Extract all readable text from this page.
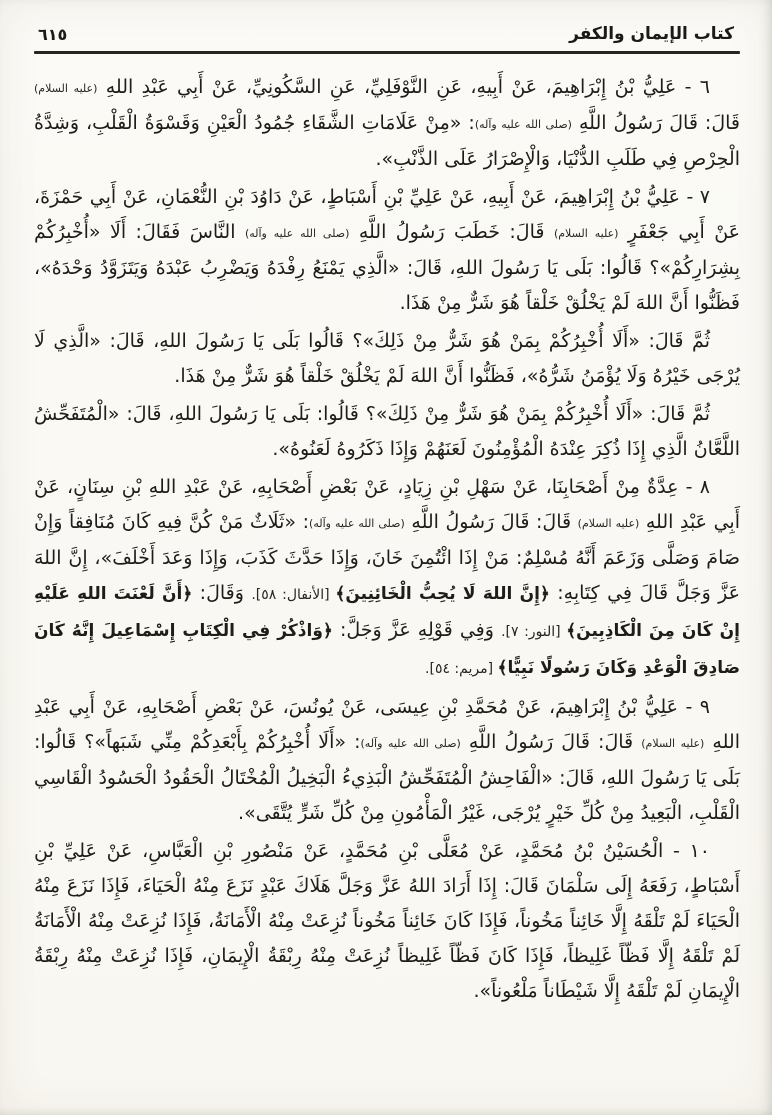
كتاب الإيمان والكفر
٦١٥

٦ - عَلِيُّ بْنُ إِبْرَاهِيمَ، عَنْ أَبِيهِ، عَنِ النَّوْفَلِيِّ، عَنِ السَّكُونِيِّ، عَنْ أَبِي عَبْدِ اللهِ (عليه السلام) قَالَ: قَالَ رَسُولُ اللَّهِ (صلى الله عليه وآله): «مِنْ عَلَامَاتِ الشَّقَاءِ جُمُودُ الْعَيْنِ وَقَسْوَةُ الْقَلْبِ، وَشِدَّةُ الْحِرْصِ فِي طَلَبِ الدُّنْيَا، وَالْإِصْرَارُ عَلَى الذَّنْبِ».

٧ - عَلِيُّ بْنُ إِبْرَاهِيمَ، عَنْ أَبِيهِ، عَنْ عَلِيِّ بْنِ أَسْبَاطٍ، عَنْ دَاوُدَ بْنِ النُّعْمَانِ، عَنْ أَبِي حَمْزَةَ، عَنْ أَبِي جَعْفَرٍ (عليه السلام) قَالَ: خَطَبَ رَسُولُ اللَّهِ (صلى الله عليه وآله) النَّاسَ فَقَالَ: أَلَا «أُخْبِرُكُمْ بِشِرَارِكُمْ»؟ قَالُوا: بَلَى يَا رَسُولَ اللهِ، قَالَ: «الَّذِي يَمْنَعُ رِفْدَهُ وَيَضْرِبُ عَبْدَهُ وَيَتَزَوَّدُ وَحْدَهُ»، فَظَنُّوا أَنَّ اللهَ لَمْ يَخْلُقْ خَلْقاً هُوَ شَرٌّ مِنْ هَذَا.

ثُمَّ قَالَ: «أَلَا أُخْبِرُكُمْ بِمَنْ هُوَ شَرٌّ مِنْ ذَلِكَ»؟ قَالُوا بَلَى يَا رَسُولَ اللهِ، قَالَ: «الَّذِي لَا يُرْجَى خَيْرُهُ وَلَا يُؤْمَنُ شَرُّهُ»، فَظَنُّوا أَنَّ اللهَ لَمْ يَخْلُقْ خَلْقاً هُوَ شَرٌّ مِنْ هَذَا.

ثُمَّ قَالَ: «أَلَا أُخْبِرُكُمْ بِمَنْ هُوَ شَرٌّ مِنْ ذَلِكَ»؟ قَالُوا: بَلَى يَا رَسُولَ اللهِ، قَالَ: «الْمُتَفَحِّشُ اللَّعَّانُ الَّذِي إِذَا ذُكِرَ عِنْدَهُ الْمُؤْمِنُونَ لَعَنَهُمْ وَإِذَا ذَكَرُوهُ لَعَنُوهُ».

٨ - عِدَّةٌ مِنْ أَصْحَابِنَا، عَنْ سَهْلِ بْنِ زِيَادٍ، عَنْ بَعْضِ أَصْحَابِهِ، عَنْ عَبْدِ اللهِ بْنِ سِنَانٍ، عَنْ أَبِي عَبْدِ اللهِ (عليه السلام) قَالَ: قَالَ رَسُولُ اللَّهِ (صلى الله عليه وآله): «ثَلَاثٌ مَنْ كُنَّ فِيهِ كَانَ مُنَافِقاً وَإِنْ صَامَ وَصَلَّى وَزَعَمَ أَنَّهُ مُسْلِمٌ: مَنْ إِذَا ائْتُمِنَ خَانَ، وَإِذَا حَدَّثَ كَذَبَ، وَإِذَا وَعَدَ أَخْلَفَ»، إِنَّ اللهَ عَزَّ وَجَلَّ قَالَ فِي كِتَابِهِ: ﴿إِنَّ اللهَ لَا يُحِبُّ الْخَائِنِينَ﴾ [الأنفال: ٥٨]. وَقَالَ: ﴿أَنَّ لَعْنَتَ اللهِ عَلَيْهِ إِنْ كَانَ مِنَ الْكَاذِبِينَ﴾ [النور: ٧]. وَفِي قَوْلِهِ عَزَّ وَجَلَّ: ﴿وَاذْكُرْ فِي الْكِتَابِ إِسْمَاعِيلَ إِنَّهُ كَانَ صَادِقَ الْوَعْدِ وَكَانَ رَسُولًا نَبِيًّا﴾ [مريم: ٥٤].

٩ - عَلِيُّ بْنُ إِبْرَاهِيمَ، عَنْ مُحَمَّدِ بْنِ عِيسَى، عَنْ يُونُسَ، عَنْ بَعْضِ أَصْحَابِهِ، عَنْ أَبِي عَبْدِ اللهِ (عليه السلام) قَالَ: قَالَ رَسُولُ اللَّهِ (صلى الله عليه وآله): «أَلَا أُخْبِرُكُمْ بِأَبْعَدِكُمْ مِنِّي شَبَهاً»؟ قَالُوا: بَلَى يَا رَسُولَ اللهِ، قَالَ: «الْفَاحِشُ الْمُتَفَحِّشُ الْبَذِيءُ الْبَخِيلُ الْمُخْتَالُ الْحَقُودُ الْحَسُودُ الْقَاسِي الْقَلْبِ، الْبَعِيدُ مِنْ كُلِّ خَيْرٍ يُرْجَى، غَيْرُ الْمَأْمُونِ مِنْ كُلِّ شَرٍّ يُتَّقَى».

١٠ - الْحُسَيْنُ بْنُ مُحَمَّدٍ، عَنْ مُعَلَّى بْنِ مُحَمَّدٍ، عَنْ مَنْصُورِ بْنِ الْعَبَّاسِ، عَنْ عَلِيِّ بْنِ أَسْبَاطٍ، رَفَعَهُ إِلَى سَلْمَانَ قَالَ: إِذَا أَرَادَ اللهُ عَزَّ وَجَلَّ هَلَاكَ عَبْدٍ نَزَعَ مِنْهُ الْحَيَاءَ، فَإِذَا نَزَعَ مِنْهُ الْحَيَاءَ لَمْ تَلْقَهُ إِلَّا خَائِناً مَخُوناً، فَإِذَا كَانَ خَائِناً مَخُوناً نُزِعَتْ مِنْهُ الْأَمَانَةُ، فَإِذَا نُزِعَتْ مِنْهُ الْأَمَانَةُ لَمْ تَلْقَهُ إِلَّا فَظّاً غَلِيظاً، فَإِذَا كَانَ فَظّاً غَلِيظاً نُزِعَتْ مِنْهُ رِبْقَةُ الْإِيمَانِ، فَإِذَا نُزِعَتْ مِنْهُ رِبْقَةُ الْإِيمَانِ لَمْ تَلْقَهُ إِلَّا شَيْطَاناً مَلْعُوناً».
